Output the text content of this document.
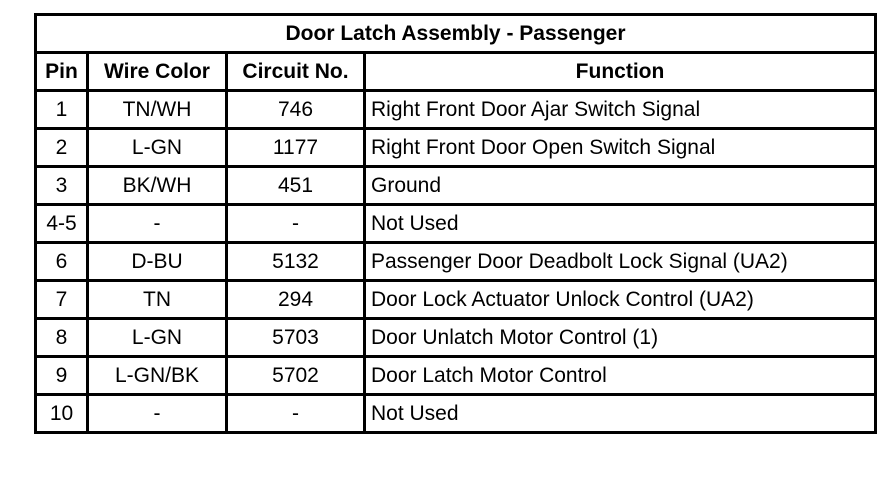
Door Latch Assembly - Passenger			
Pin	Wire Color	Circuit No.	Function
1	TN/WH	746	Right Front Door Ajar Switch Signal
2	L-GN	1177	Right Front Door Open Switch Signal
3	BK/WH	451	Ground
4-5	-	-	Not Used
6	D-BU	5132	Passenger Door Deadbolt Lock Signal (UA2)
7	TN	294	Door Lock Actuator Unlock Control (UA2)
8	L-GN	5703	Door Unlatch Motor Control (1)
9	L-GN/BK	5702	Door Latch Motor Control
10	-	-	Not Used
